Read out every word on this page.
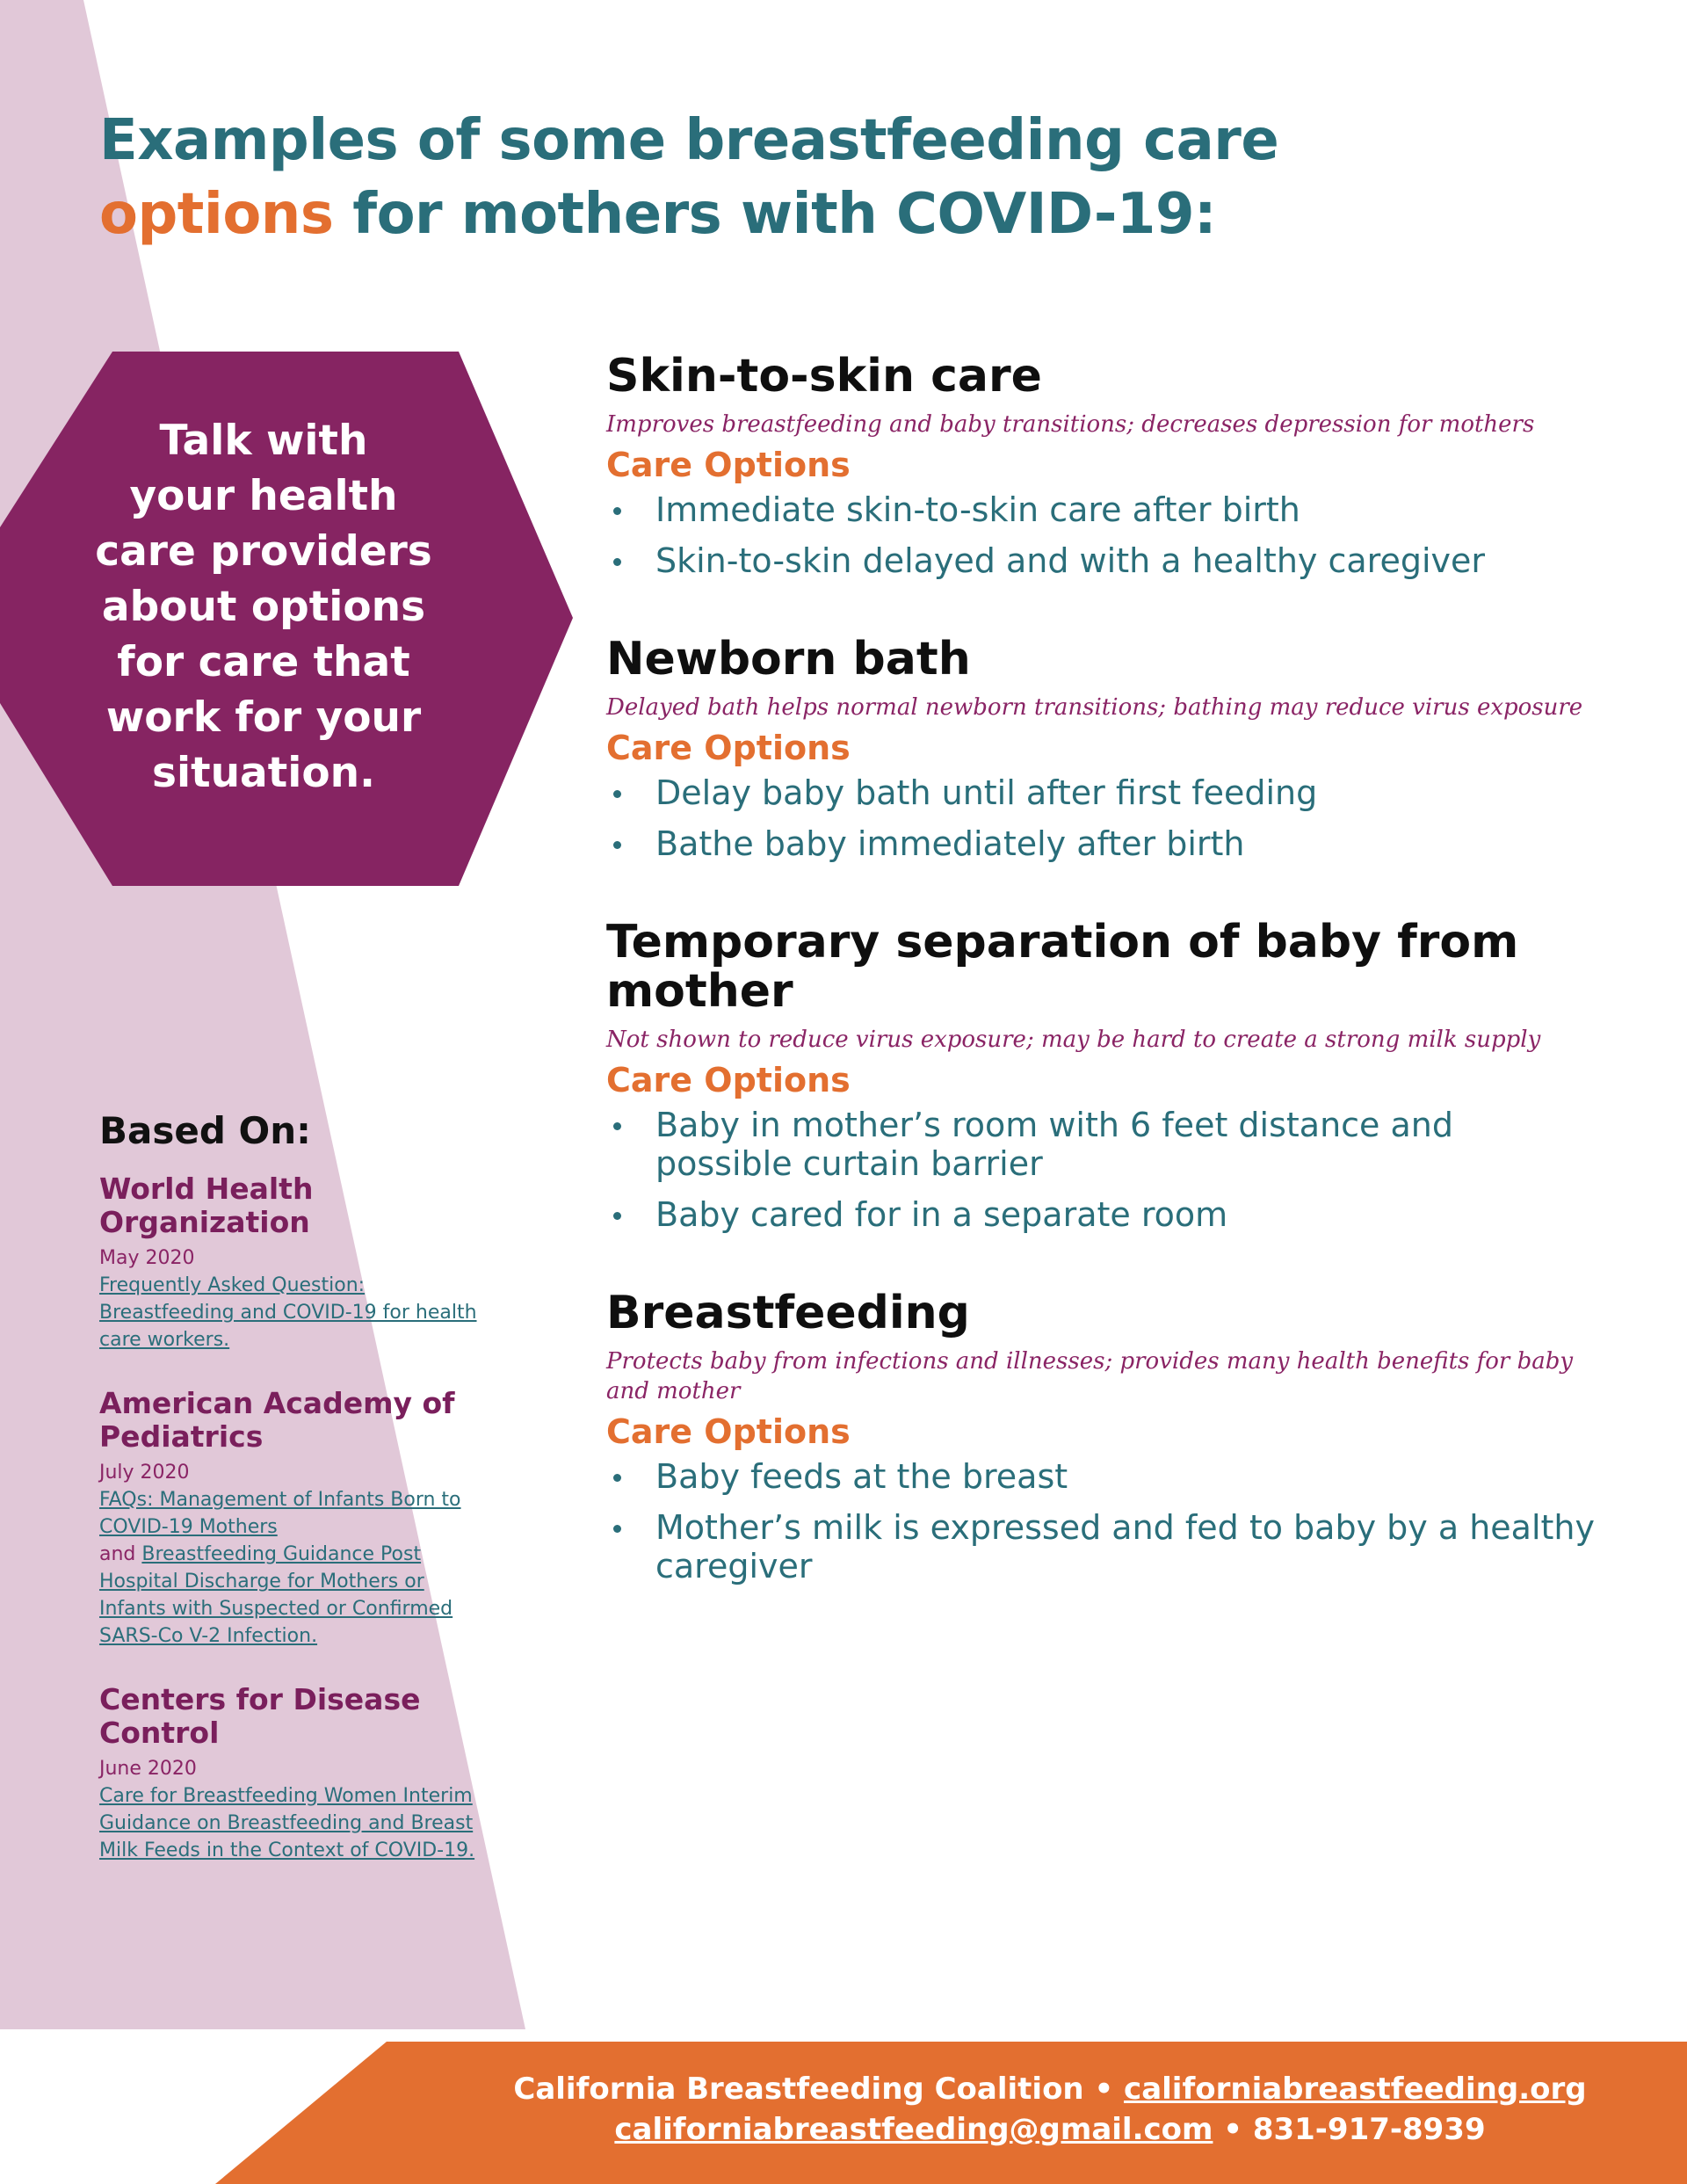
Examples of some breastfeeding care
options for mothers with COVID-19:
Talk with
your health
care providers
about options
for care that
work for your
situation.
Skin-to-skin care
Improves breastfeeding and baby transitions; decreases depression for mothers
Care Options
Immediate skin-to-skin care after birth
Skin-to-skin delayed and with a healthy caregiver
Newborn bath
Delayed bath helps normal newborn transitions; bathing may reduce virus exposure
Care Options
Delay baby bath until after first feeding
Bathe baby immediately after birth
Temporary separation of baby from mother
Not shown to reduce virus exposure; may be hard to create a strong milk supply
Care Options
Baby in mother’s room with 6 feet distance and possible curtain barrier
Baby cared for in a separate room
Breastfeeding
Protects baby from infections and illnesses; provides many health benefits for baby and mother
Care Options
Baby feeds at the breast
Mother’s milk is expressed and fed to baby by a healthy caregiver
Based On:
World Health Organization
May 2020
Frequently Asked Question: Breastfeeding and COVID-19 for health care workers.
American Academy of Pediatrics
July 2020
FAQs: Management of Infants Born to COVID-19 Mothers
and Breastfeeding Guidance Post Hospital Discharge for Mothers or Infants with Suspected or Confirmed SARS-Co V-2 Infection.
Centers for Disease Control
June 2020
Care for Breastfeeding Women Interim Guidance on Breastfeeding and Breast Milk Feeds in the Context of COVID-19.
California Breastfeeding Coalition • californiabreastfeeding.org
californiabreastfeeding@gmail.com • 831-917-8939
